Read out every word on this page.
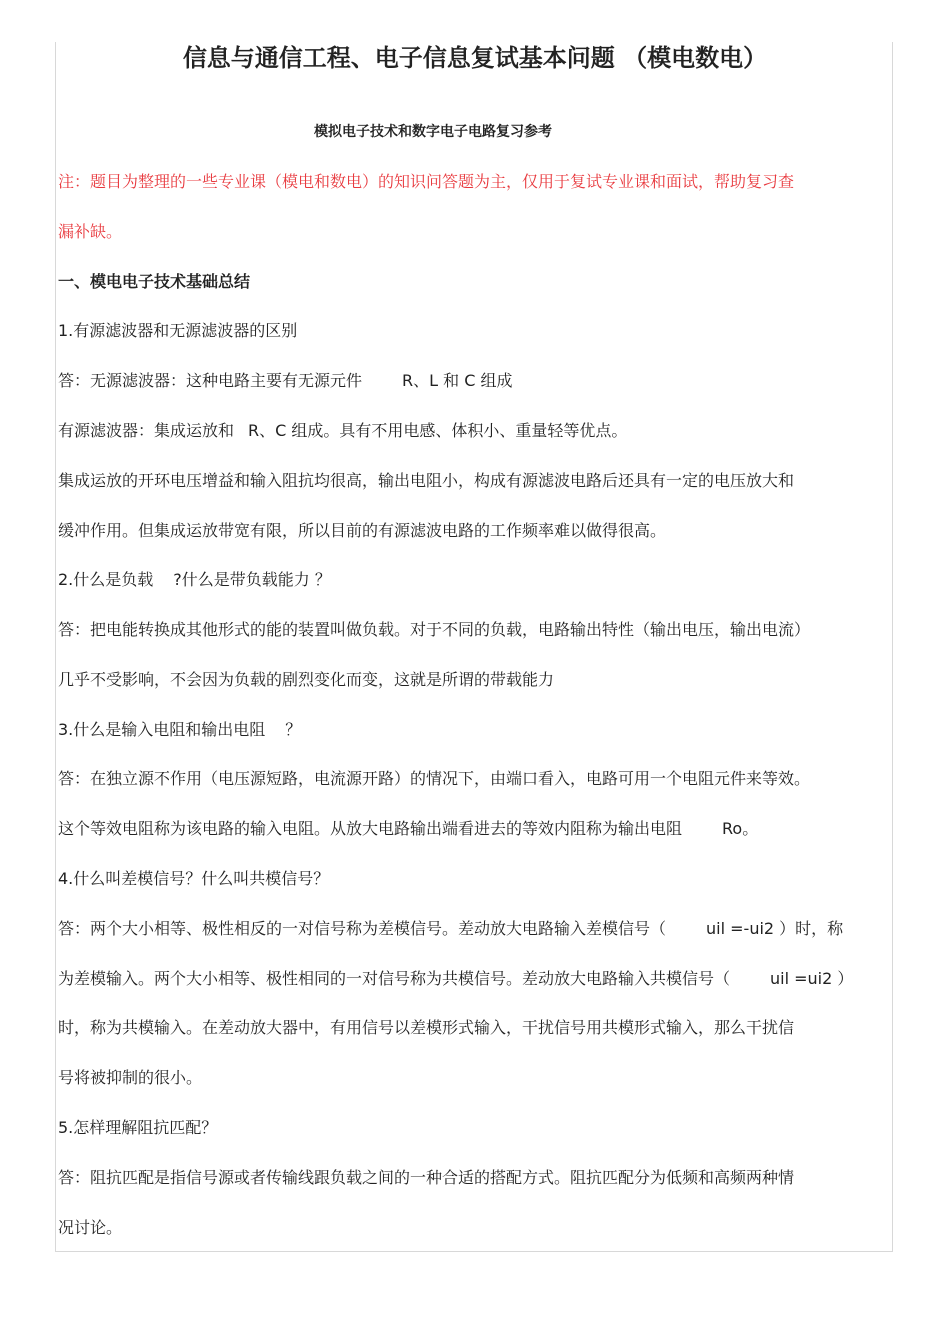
信息与通信工程、电子信息复试基本问题 （模电数电）
模拟电子技术和数字电子电路复习参考
注：题目为整理的一些专业课（模电和数电）的知识问答题为主，仅用于复试专业课和面试，帮助复习查
漏补缺。
一、模电电子技术基础总结
1.有源滤波器和无源滤波器的区别
答：无源滤波器：这种电路主要有无源元件	R、L 和 C 组成
有源滤波器：集成运放和 R、C 组成。具有不用电感、体积小、重量轻等优点。
集成运放的开环电压增益和输入阻抗均很高，输出电阻小，构成有源滤波电路后还具有一定的电压放大和
缓冲作用。但集成运放带宽有限，所以目前的有源滤波电路的工作频率难以做得很高。
2.什么是负载 ?什么是带负载能力 ？
答：把电能转换成其他形式的能的装置叫做负载。对于不同的负载，电路输出特性（输出电压，输出电流）
几乎不受影响，不会因为负载的剧烈变化而变，这就是所谓的带载能力
3.什么是输入电阻和输出电阻 ？
答：在独立源不作用（电压源短路，电流源开路）的情况下，由端口看入，电路可用一个电阻元件来等效。
这个等效电阻称为该电路的输入电阻。从放大电路输出端看进去的等效内阻称为输出电阻	Ro。
4.什么叫差模信号？什么叫共模信号？
答：两个大小相等、极性相反的一对信号称为差模信号。差动放大电路输入差模信号（	uil =-ui2 ）时，称
为差模输入。两个大小相等、极性相同的一对信号称为共模信号。差动放大电路输入共模信号（	uil =ui2 ）
时，称为共模输入。在差动放大器中，有用信号以差模形式输入，干扰信号用共模形式输入，那么干扰信
号将被抑制的很小。
5.怎样理解阻抗匹配？
答：阻抗匹配是指信号源或者传输线跟负载之间的一种合适的搭配方式。阻抗匹配分为低频和高频两种情
况讨论。
